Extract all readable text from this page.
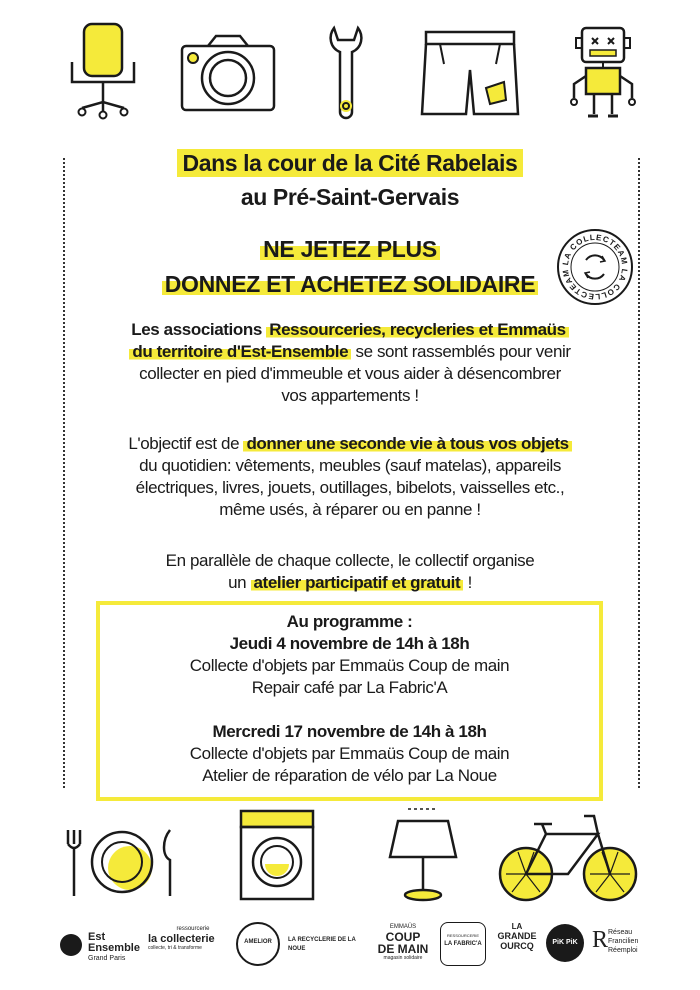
Dans la cour de la Cité Rabelais
au Pré-Saint-Gervais
NE JETEZ PLUS
DONNEZ ET ACHETEZ SOLIDAIRE
LA COLLECTEAM
LA COLLECTEAM
Les associations Ressourceries, recycleries et Emmaüs
du territoire d'Est-Ensemble se sont rassemblés pour venir
collecter en pied d'immeuble et vous aider à désencombrer
vos appartements !
L'objectif est de donner une seconde vie à tous vos objets
du quotidien: vêtements, meubles (sauf matelas), appareils
électriques, livres, jouets, outillages, bibelots, vaisselles etc.,
même usés, à réparer ou en panne !
En parallèle de chaque collecte, le collectif organise
un atelier participatif et gratuit !
Au programme :
Jeudi 4 novembre de 14h à 18h
Collecte d'objets par Emmaüs Coup de main
Repair café par La Fabric'A
Mercredi 17 novembre de 14h à 18h
Collecte d'objets par Emmaüs Coup de main
Atelier de réparation de vélo par La Noue
Est
Ensemble
Grand Paris
ressourcerie
la collecterie
collecte, tri & transforme
AMELIOR	LA RECYCLERIE DE LA NOUE
EMMAÜS
COUP
DE MAIN
magasin solidaire
RESSOURCERIE
LA FABRIC'A
LA
GRANDE
OURCQ	PiK PiK R Réseau
Francilien
Réemploi
